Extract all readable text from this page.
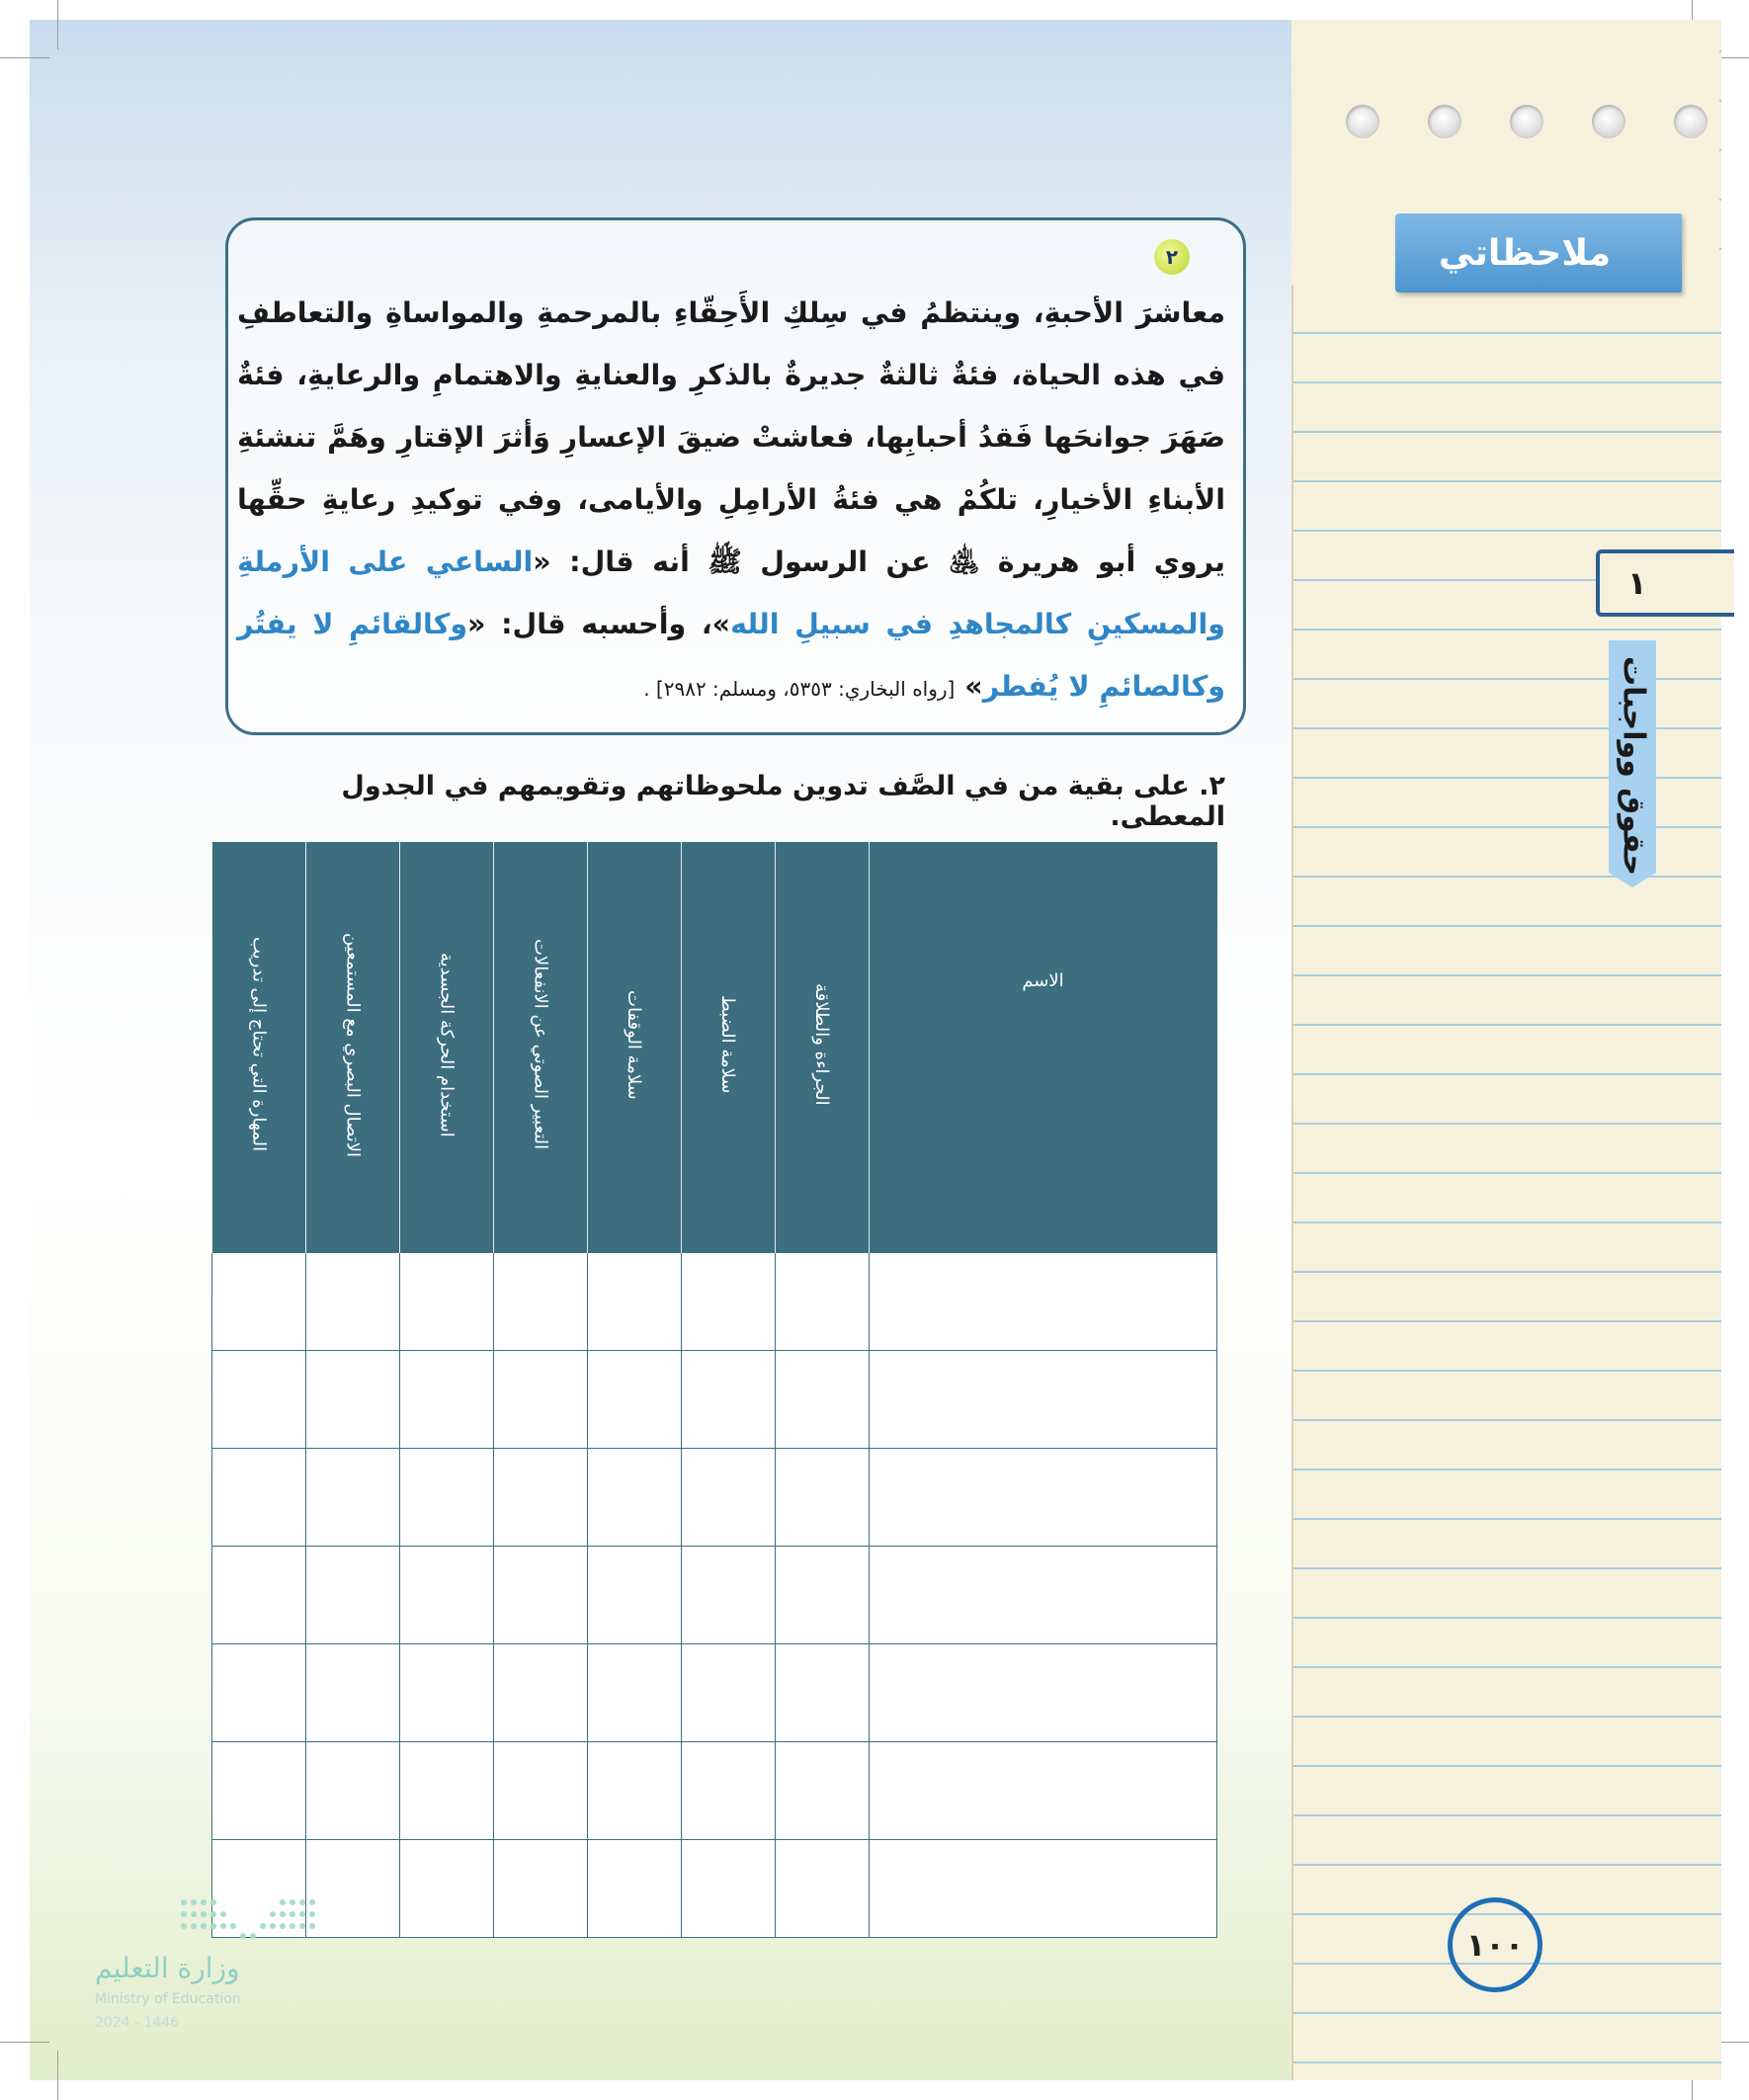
ملاحظاتي
١
حقوق وواجبات
١٠٠
٢
معاشرَ الأحبةِ، وينتظمُ في سِلكِ الأَحِقّاءِ بالمرحمةِ والمواساةِ والتعاطفِ في هذه الحياة، فئةٌ ثالثةٌ جديرةٌ بالذكرِ والعنايةِ والاهتمامِ والرعايةِ، فئةٌ صَهَرَ جوانحَها فَقدُ أحبابِها، فعاشتْ ضيقَ الإعسارِ وَأثرَ الإقتارِ وهَمَّ تنشئةِ الأبناءِ الأخيارِ، تلكُمْ هي فئةُ الأرامِلِ والأيامى، وفي توكيدِ رعايةِ حقِّها يروي أبو هريرة ﵁ عن الرسول ﷺ أنه قال: «الساعي على الأرملةِ والمسكينِ كالمجاهدِ في سبيلِ الله»، وأحسبه قال: «وكالقائمِ لا يفتُر وكالصائمِ لا يُفطر» [رواه البخاري: ٥٣٥٣، ومسلم: ٢٩٨٢] .
٢. على بقية من في الصَّف تدوين ملحوظاتهم وتقويمهم في الجدول المعطى.
الاسم	الجراءة والطلاقة	سلامة الضبط	سلامة الوقفات	التعبير الصوتي عن الانفعالات	استخدام الحركة الجسدية	الاتصال البصري مع المستمعين	المهارة التي تحتاج إلى تدريب

وزارة التعليم
Ministry of Education
2024 - 1446
